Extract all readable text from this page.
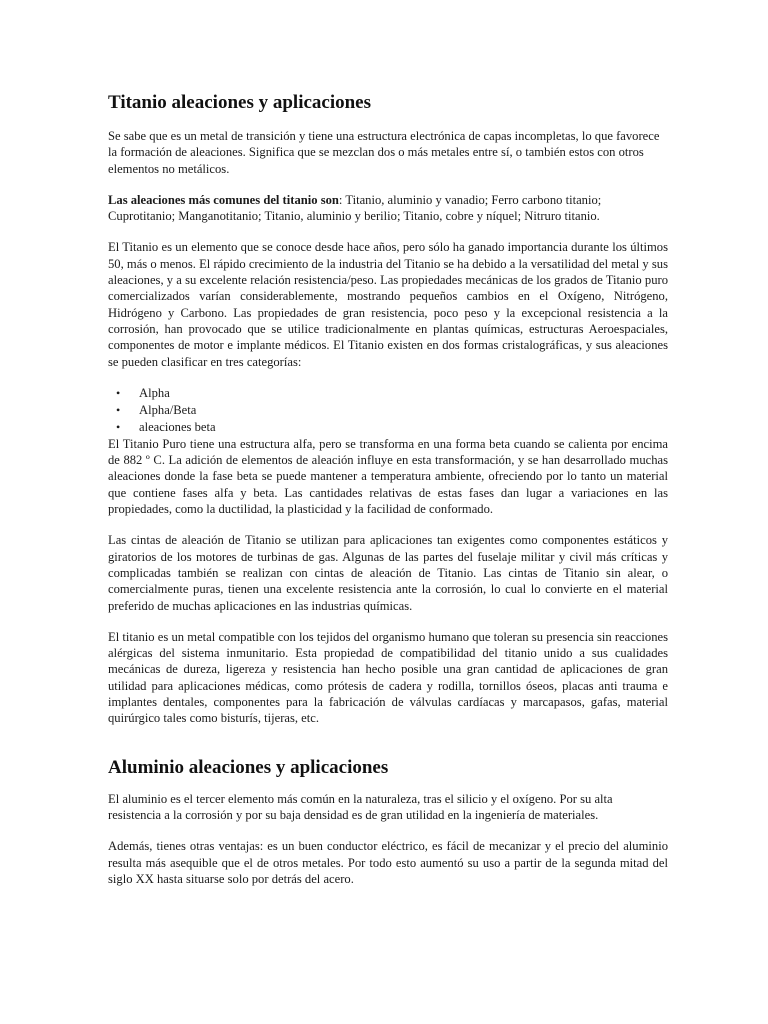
Titanio aleaciones y aplicaciones

Se sabe que es un metal de transición y tiene una estructura electrónica de capas incompletas, lo que favorece la formación de aleaciones. Significa que se mezclan dos o más metales entre sí, o también estos con otros elementos no metálicos.

Las aleaciones más comunes del titanio son: Titanio, aluminio y vanadio; Ferro carbono titanio; Cuprotitanio; Manganotitanio; Titanio, aluminio y berilio; Titanio, cobre y níquel; Nitruro titanio.

El Titanio es un elemento que se conoce desde hace años, pero sólo ha ganado importancia durante los últimos 50, más o menos. El rápido crecimiento de la industria del Titanio se ha debido a la versatilidad del metal y sus aleaciones, y a su excelente relación resistencia/peso. Las propiedades mecánicas de los grados de Titanio puro comercializados varían considerablemente, mostrando pequeños cambios en el Oxígeno, Nitrógeno, Hidrógeno y Carbono. Las propiedades de gran resistencia, poco peso y la excepcional resistencia a la corrosión, han provocado que se utilice tradicionalmente en plantas químicas, estructuras Aeroespaciales, componentes de motor e implante médicos. El Titanio existen en dos formas cristalográficas, y sus aleaciones se pueden clasificar en tres categorías:

• Alpha
• Alpha/Beta
• aleaciones beta

El Titanio Puro tiene una estructura alfa, pero se transforma en una forma beta cuando se calienta por encima de 882 º C. La adición de elementos de aleación influye en esta transformación, y se han desarrollado muchas aleaciones donde la fase beta se puede mantener a temperatura ambiente, ofreciendo por lo tanto un material que contiene fases alfa y beta. Las cantidades relativas de estas fases dan lugar a variaciones en las propiedades, como la ductilidad, la plasticidad y la facilidad de conformado.

Las cintas de aleación de Titanio se utilizan para aplicaciones tan exigentes como componentes estáticos y giratorios de los motores de turbinas de gas. Algunas de las partes del fuselaje militar y civil más críticas y complicadas también se realizan con cintas de aleación de Titanio. Las cintas de Titanio sin alear, o comercialmente puras, tienen una excelente resistencia ante la corrosión, lo cual lo convierte en el material preferido de muchas aplicaciones en las industrias químicas.

El titanio es un metal compatible con los tejidos del organismo humano que toleran su presencia sin reacciones alérgicas del sistema inmunitario. Esta propiedad de compatibilidad del titanio unido a sus cualidades mecánicas de dureza, ligereza y resistencia han hecho posible una gran cantidad de aplicaciones de gran utilidad para aplicaciones médicas, como prótesis de cadera y rodilla, tornillos óseos, placas anti trauma e implantes dentales, componentes para la fabricación de válvulas cardíacas y marcapasos, gafas, material quirúrgico tales como bisturís, tijeras, etc.

Aluminio aleaciones y aplicaciones

El aluminio es el tercer elemento más común en la naturaleza, tras el silicio y el oxígeno. Por su alta resistencia a la corrosión y por su baja densidad es de gran utilidad en la ingeniería de materiales.

Además, tienes otras ventajas: es un buen conductor eléctrico, es fácil de mecanizar y el precio del aluminio resulta más asequible que el de otros metales. Por todo esto aumentó su uso a partir de la segunda mitad del siglo XX hasta situarse solo por detrás del acero.
